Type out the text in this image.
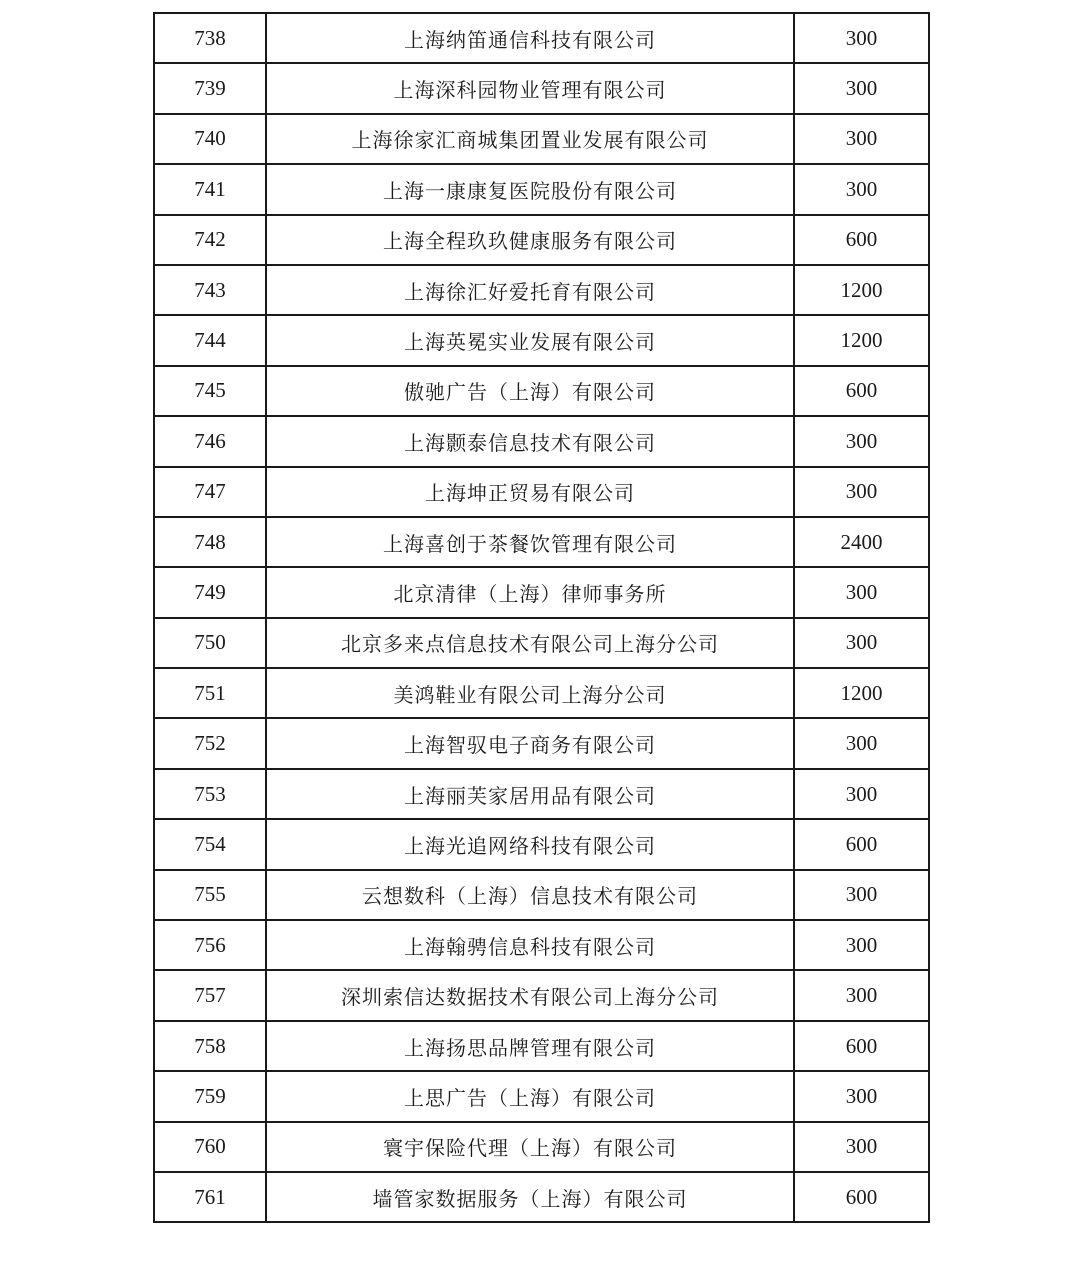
738	上海纳笛通信科技有限公司	300
739	上海深科园物业管理有限公司	300
740	上海徐家汇商城集团置业发展有限公司	300
741	上海一康康复医院股份有限公司	300
742	上海全程玖玖健康服务有限公司	600
743	上海徐汇好爱托育有限公司	1200
744	上海英冕实业发展有限公司	1200
745	傲驰广告（上海）有限公司	600
746	上海颢泰信息技术有限公司	300
747	上海坤正贸易有限公司	300
748	上海喜创于茶餐饮管理有限公司	2400
749	北京清律（上海）律师事务所	300
750	北京多来点信息技术有限公司上海分公司	300
751	美鸿鞋业有限公司上海分公司	1200
752	上海智驭电子商务有限公司	300
753	上海丽芙家居用品有限公司	300
754	上海光追网络科技有限公司	600
755	云想数科（上海）信息技术有限公司	300
756	上海翰骋信息科技有限公司	300
757	深圳索信达数据技术有限公司上海分公司	300
758	上海扬思品牌管理有限公司	600
759	上思广告（上海）有限公司	300
760	寰宇保险代理（上海）有限公司	300
761	墙管家数据服务（上海）有限公司	600
